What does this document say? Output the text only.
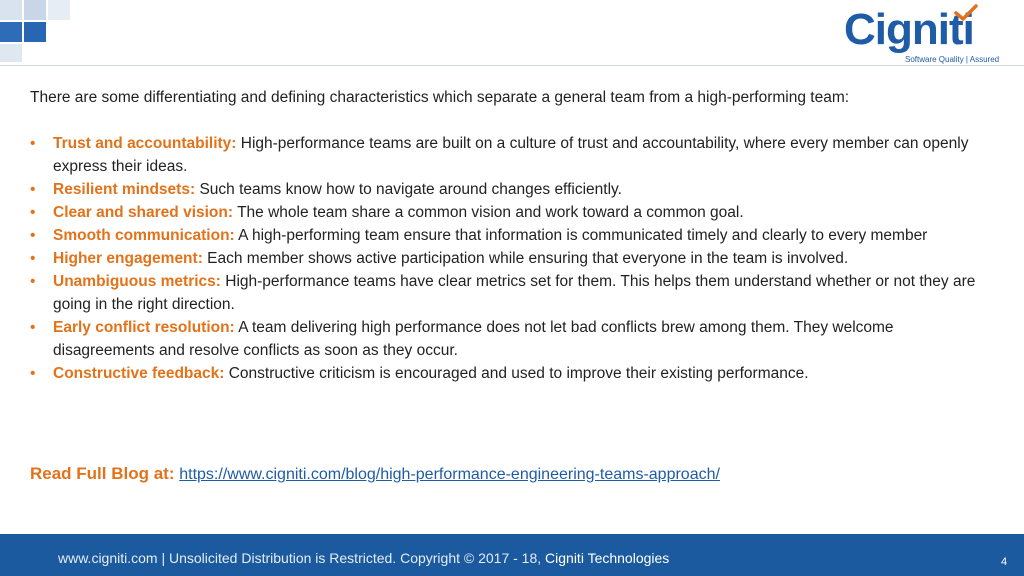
Cigniti
Software Quality | Assured

There are some differentiating and defining characteristics which separate a general team from a high-performing team:

• Trust and accountability: High-performance teams are built on a culture of trust and accountability, where every member can openly express their ideas.
• Resilient mindsets: Such teams know how to navigate around changes efficiently.
• Clear and shared vision: The whole team share a common vision and work toward a common goal.
• Smooth communication: A high-performing team ensure that information is communicated timely and clearly to every member
• Higher engagement: Each member shows active participation while ensuring that everyone in the team is involved.
• Unambiguous metrics: High-performance teams have clear metrics set for them. This helps them understand whether or not they are going in the right direction.
• Early conflict resolution: A team delivering high performance does not let bad conflicts brew among them. They welcome disagreements and resolve conflicts as soon as they occur.
• Constructive feedback: Constructive criticism is encouraged and used to improve their existing performance.
Read Full Blog at: https://www.cigniti.com/blog/high-performance-engineering-teams-approach/
www.cigniti.com | Unsolicited Distribution is Restricted. Copyright © 2017 - 18, Cigniti Technologies	4
